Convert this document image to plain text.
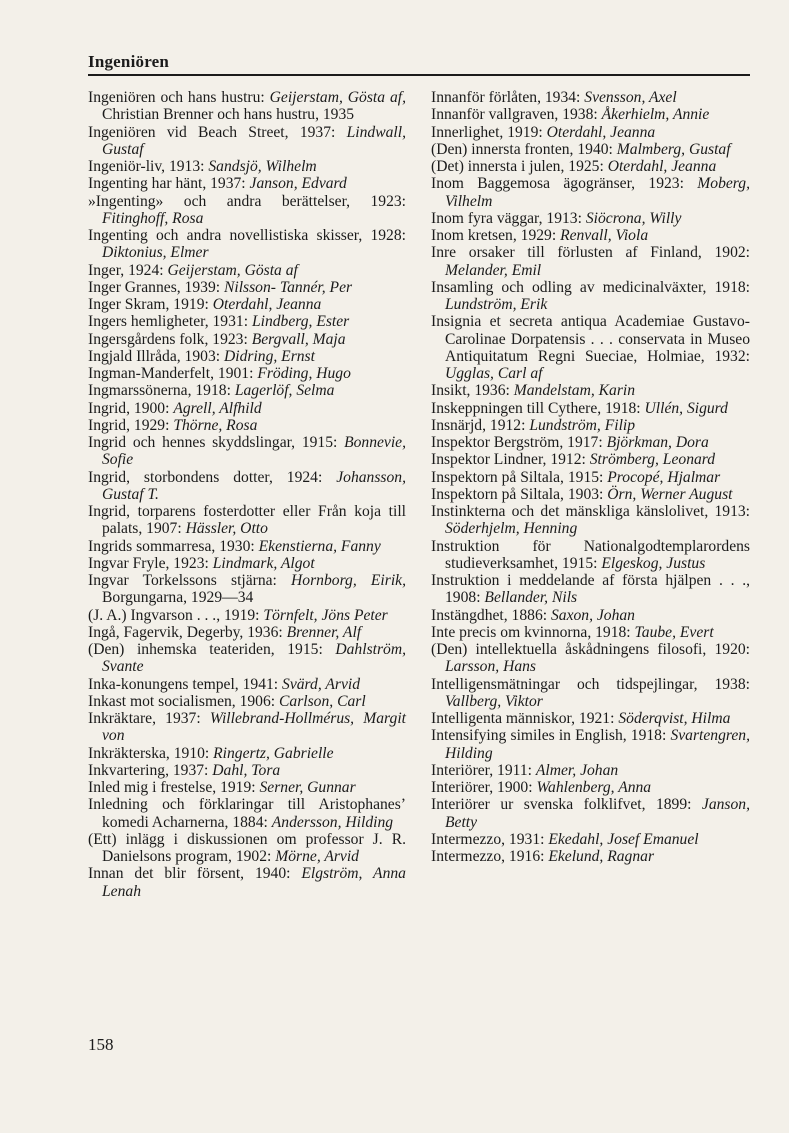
Ingeniören

Ingeniören och hans hustru: Geijerstam, Gösta af, Christian Brenner och hans hustru, 1935

Ingeniören vid Beach Street, 1937: Lindwall, Gustaf

Ingeniör-liv, 1913: Sandsjö, Wilhelm

Ingenting har hänt, 1937: Janson, Edvard

»Ingenting» och andra berättelser, 1923: Fitinghoff, Rosa

Ingenting och andra novellistiska skisser, 1928: Diktonius, Elmer

Inger, 1924: Geijerstam, Gösta af

Inger Grannes, 1939: Nilsson- Tannér, Per

Inger Skram, 1919: Oterdahl, Jeanna

Ingers hemligheter, 1931: Lindberg, Ester

Ingersgårdens folk, 1923: Bergvall, Maja

Ingjald Illråda, 1903: Didring, Ernst

Ingman-Manderfelt, 1901: Fröding, Hugo

Ingmarssönerna, 1918: Lagerlöf, Selma

Ingrid, 1900: Agrell, Alfhild

Ingrid, 1929: Thörne, Rosa

Ingrid och hennes skyddslingar, 1915: Bonnevie, Sofie

Ingrid, storbondens dotter, 1924: Johansson, Gustaf T.

Ingrid, torparens fosterdotter eller Från koja till palats, 1907: Hässler, Otto

Ingrids sommarresa, 1930: Ekenstierna, Fanny

Ingvar Fryle, 1923: Lindmark, Algot

Ingvar Torkelssons stjärna: Hornborg, Eirik, Borgungarna, 1929—34

(J. A.) Ingvarson . . ., 1919: Törnfelt, Jöns Peter

Ingå, Fagervik, Degerby, 1936: Brenner, Alf

(Den) inhemska teateriden, 1915: Dahlström, Svante

Inka-konungens tempel, 1941: Svärd, Arvid

Inkast mot socialismen, 1906: Carlson, Carl

Inkräktare, 1937: Willebrand-Hollmérus, Margit von

Inkräkterska, 1910: Ringertz, Gabrielle

Inkvartering, 1937: Dahl, Tora

Inled mig i frestelse, 1919: Serner, Gunnar

Inledning och förklaringar till Aristophanes’ komedi Acharnerna, 1884: Andersson, Hilding

(Ett) inlägg i diskussionen om professor J. R. Danielsons program, 1902: Mörne, Arvid

Innan det blir försent, 1940: Elgström, Anna Lenah

Innanför förlåten, 1934: Svensson, Axel

Innanför vallgraven, 1938: Åkerhielm, Annie

Innerlighet, 1919: Oterdahl, Jeanna

(Den) innersta fronten, 1940: Malmberg, Gustaf

(Det) innersta i julen, 1925: Oterdahl, Jeanna

Inom Baggemosa ägogränser, 1923: Moberg, Vilhelm

Inom fyra väggar, 1913: Siöcrona, Willy

Inom kretsen, 1929: Renvall, Viola

Inre orsaker till förlusten af Finland, 1902: Melander, Emil

Insamling och odling av medicinalväxter, 1918: Lundström, Erik

Insignia et secreta antiqua Academiae Gustavo-Carolinae Dorpatensis . . . conservata in Museo Antiquitatum Regni Sueciae, Holmiae, 1932: Ugglas, Carl af

Insikt, 1936: Mandelstam, Karin

Inskeppningen till Cythere, 1918: Ullén, Sigurd

Insnärjd, 1912: Lundström, Filip

Inspektor Bergström, 1917: Björkman, Dora

Inspektor Lindner, 1912: Strömberg, Leonard

Inspektorn på Siltala, 1915: Procopé, Hjalmar

Inspektorn på Siltala, 1903: Örn, Werner August

Instinkterna och det mänskliga känslolivet, 1913: Söderhjelm, Henning

Instruktion för Nationalgodtemplarordens studieverksamhet, 1915: Elgeskog, Justus

Instruktion i meddelande af första hjälpen . . ., 1908: Bellander, Nils

Instängdhet, 1886: Saxon, Johan

Inte precis om kvinnorna, 1918: Taube, Evert

(Den) intellektuella åskådningens filosofi, 1920: Larsson, Hans

Intelligensmätningar och tidspejlingar, 1938: Vallberg, Viktor

Intelligenta människor, 1921: Söderqvist, Hilma

Intensifying similes in English, 1918: Svartengren, Hilding

Interiörer, 1911: Almer, Johan

Interiörer, 1900: Wahlenberg, Anna

Interiörer ur svenska folklifvet, 1899: Janson, Betty

Intermezzo, 1931: Ekedahl, Josef Emanuel

Intermezzo, 1916: Ekelund, Ragnar

158
